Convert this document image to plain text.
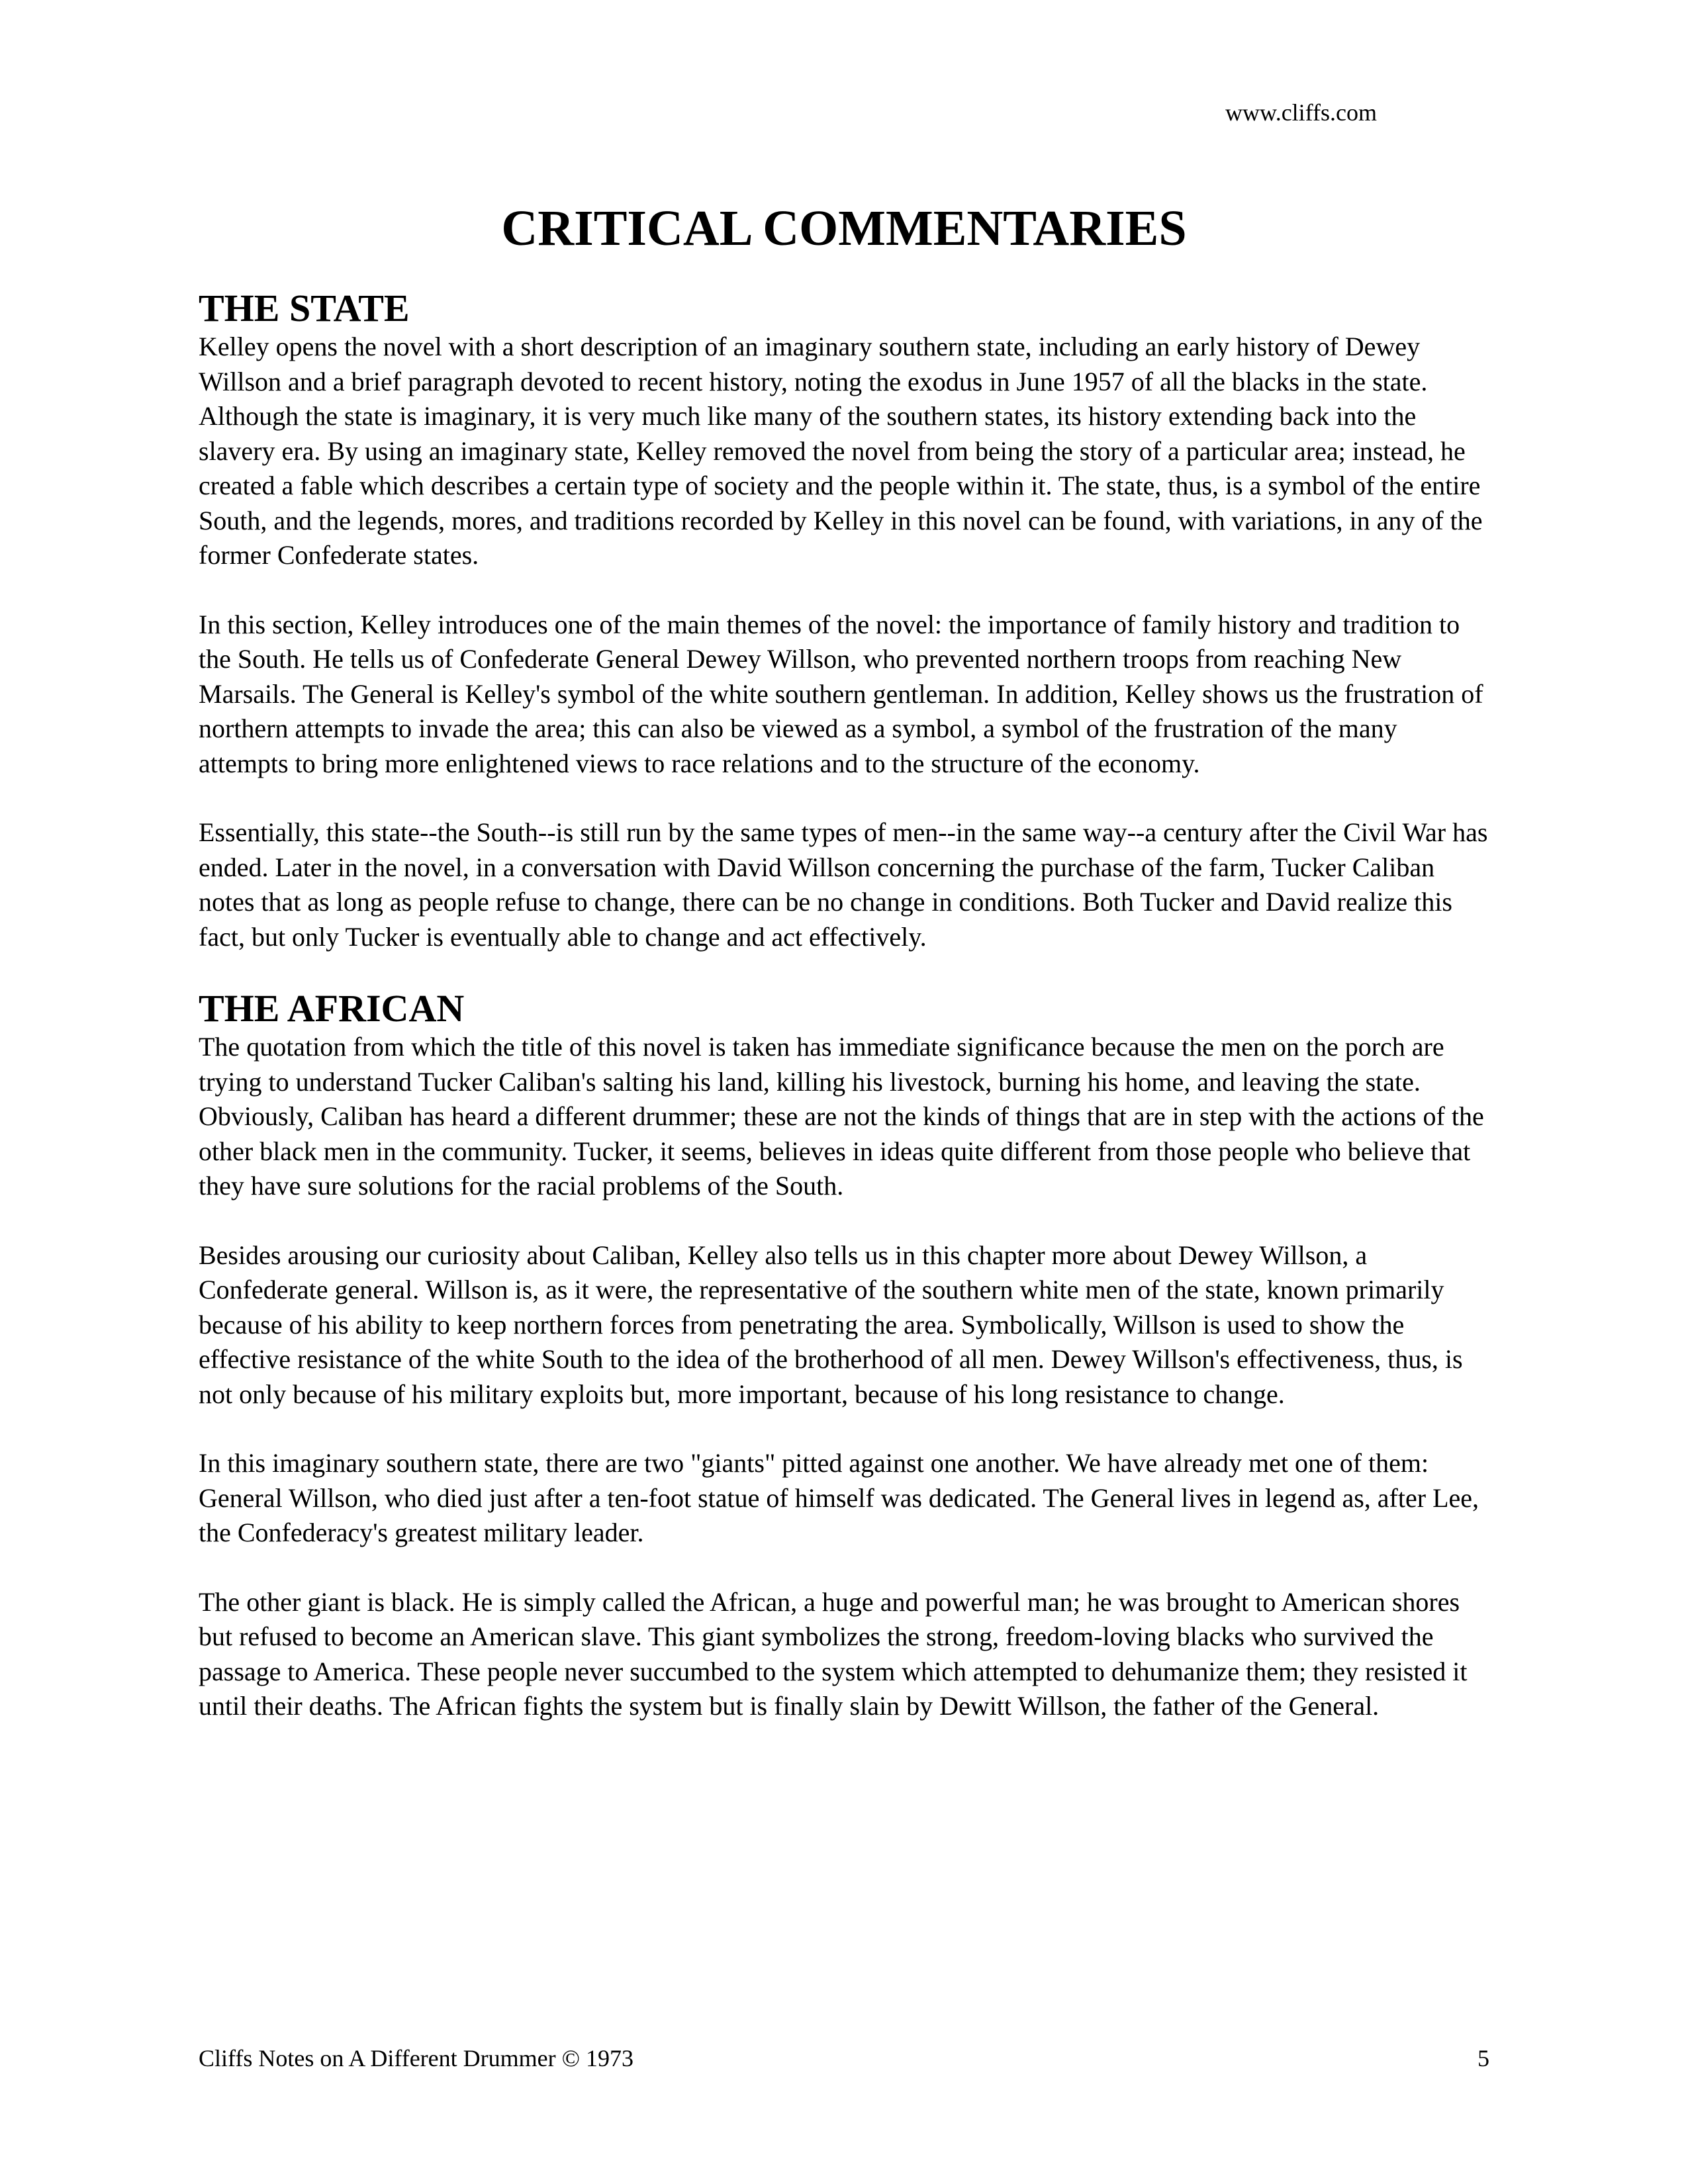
www.cliffs.com
CRITICAL COMMENTARIES
THE STATE

Kelley opens the novel with a short description of an imaginary southern state, including an early history of Dewey Willson and a brief paragraph devoted to recent history, noting the exodus in June 1957 of all the blacks in the state. Although the state is imaginary, it is very much like many of the southern states, its history extending back into the slavery era. By using an imaginary state, Kelley removed the novel from being the story of a particular area; instead, he created a fable which describes a certain type of society and the people within it. The state, thus, is a symbol of the entire South, and the legends, mores, and traditions recorded by Kelley in this novel can be found, with variations, in any of the former Confederate states.

In this section, Kelley introduces one of the main themes of the novel: the importance of family history and tradition to the South. He tells us of Confederate General Dewey Willson, who prevented northern troops from reaching New Marsails. The General is Kelley's symbol of the white southern gentleman. In addition, Kelley shows us the frustration of northern attempts to invade the area; this can also be viewed as a symbol, a symbol of the frustration of the many attempts to bring more enlightened views to race relations and to the structure of the economy.

Essentially, this state--the South--is still run by the same types of men--in the same way--a century after the Civil War has ended. Later in the novel, in a conversation with David Willson concerning the purchase of the farm, Tucker Caliban notes that as long as people refuse to change, there can be no change in conditions. Both Tucker and David realize this fact, but only Tucker is eventually able to change and act effectively.

THE AFRICAN

The quotation from which the title of this novel is taken has immediate significance because the men on the porch are trying to understand Tucker Caliban's salting his land, killing his livestock, burning his home, and leaving the state. Obviously, Caliban has heard a different drummer; these are not the kinds of things that are in step with the actions of the other black men in the community. Tucker, it seems, believes in ideas quite different from those people who believe that they have sure solutions for the racial problems of the South.

Besides arousing our curiosity about Caliban, Kelley also tells us in this chapter more about Dewey Willson, a Confederate general. Willson is, as it were, the representative of the southern white men of the state, known primarily because of his ability to keep northern forces from penetrating the area. Symbolically, Willson is used to show the effective resistance of the white South to the idea of the brotherhood of all men. Dewey Willson's effectiveness, thus, is not only because of his military exploits but, more important, because of his long resistance to change.

In this imaginary southern state, there are two "giants" pitted against one another. We have already met one of them: General Willson, who died just after a ten-foot statue of himself was dedicated. The General lives in legend as, after Lee, the Confederacy's greatest military leader.

The other giant is black. He is simply called the African, a huge and powerful man; he was brought to American shores but refused to become an American slave. This giant symbolizes the strong, freedom-loving blacks who survived the passage to America. These people never succumbed to the system which attempted to dehumanize them; they resisted it until their deaths. The African fights the system but is finally slain by Dewitt Willson, the father of the General.

Cliffs Notes on A Different Drummer © 1973	5
